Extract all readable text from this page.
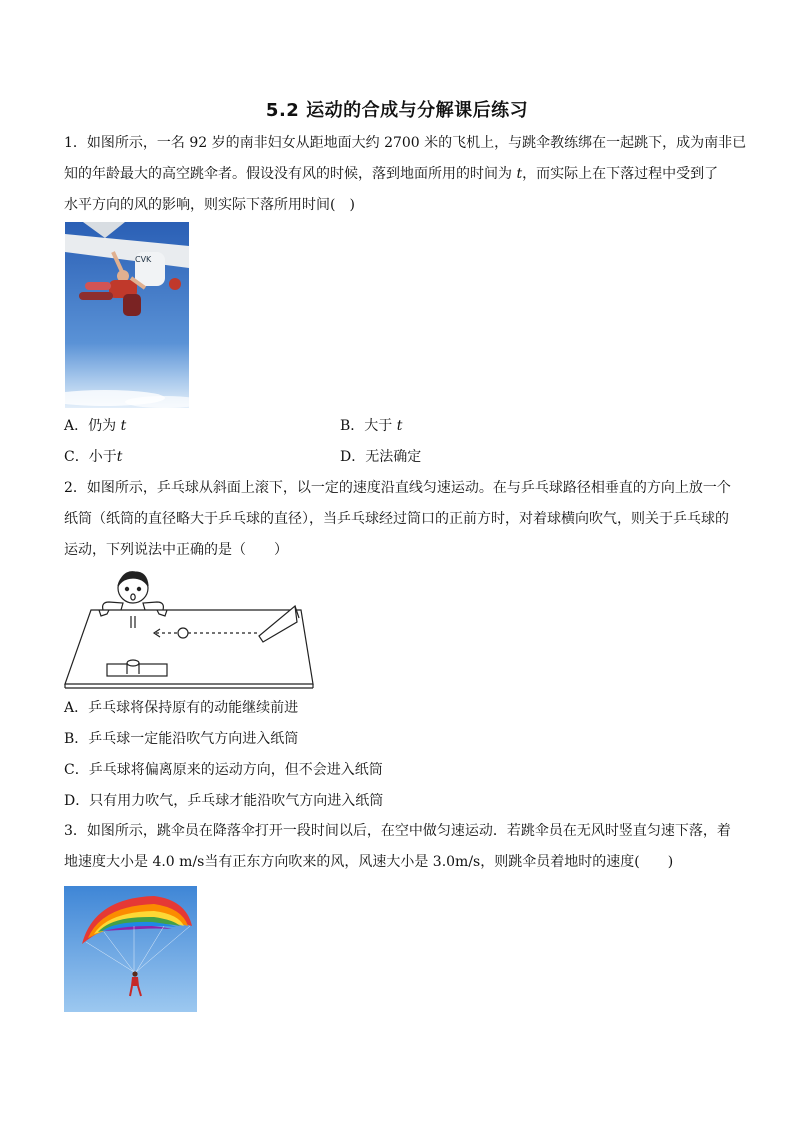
5.2 运动的合成与分解课后练习
1．如图所示，一名 92 岁的南非妇女从距地面大约 2700 米的飞机上，与跳伞教练绑在一起跳下，成为南非已
知的年龄最大的高空跳伞者。假设没有风的时候，落到地面所用的时间为 t，而实际上在下落过程中受到了
水平方向的风的影响，则实际下落所用时间(　)
CVK
A．仍为 t	B．大于 t
C．小于t	D．无法确定
2．如图所示，乒乓球从斜面上滚下，以一定的速度沿直线匀速运动。在与乒乓球路径相垂直的方向上放一个
纸筒（纸筒的直径略大于乒乓球的直径），当乒乓球经过筒口的正前方时，对着球横向吹气，则关于乒乓球的
运动，下列说法中正确的是（　　）
A．乒乓球将保持原有的动能继续前进
B．乒乓球一定能沿吹气方向进入纸筒
C．乒乓球将偏离原来的运动方向，但不会进入纸筒
D．只有用力吹气，乒乓球才能沿吹气方向进入纸筒
3．如图所示，跳伞员在降落伞打开一段时间以后，在空中做匀速运动．若跳伞员在无风时竖直匀速下落，着
地速度大小是 4.0 m/s当有正东方向吹来的风，风速大小是 3.0m/s，则跳伞员着地时的速度(　　)
